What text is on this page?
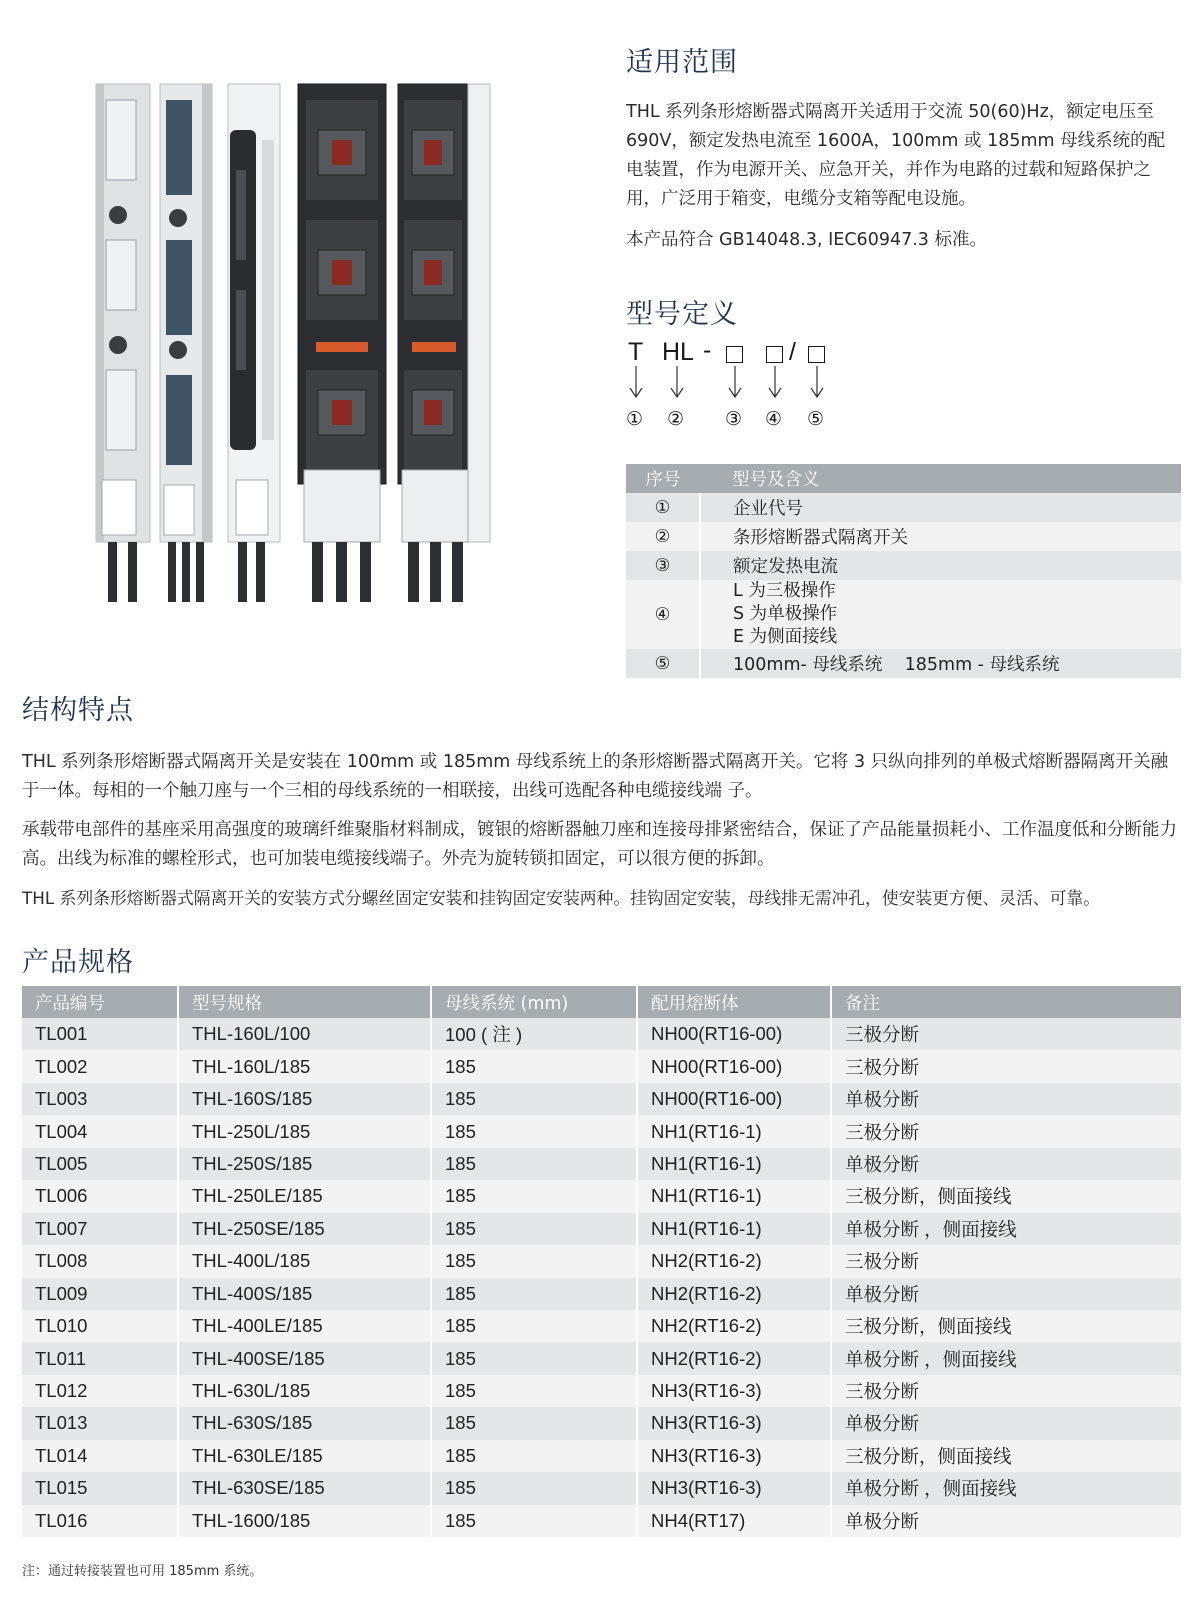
适用范围

THL 系列条形熔断器式隔离开关适用于交流 50(60)Hz，额定电压至 690V，额定发热电流至 1600A，100mm 或 185mm 母线系统的配电装置，作为电源开关、应急开关，并作为电路的过载和短路保护之用，广泛用于箱变，电缆分支箱等配电设施。

本产品符合 GB14048.3, IEC60947.3 标准。

型号定义
T HL -	/
① ② ③ ④ ⑤
序号	型号及含义
①	企业代号
②	条形熔断器式隔离开关
③	额定发热电流
④	L 为三极操作
S 为单极操作
E 为侧面接线

⑤	100mm- 母线系统    185mm - 母线系统
结构特点

THL 系列条形熔断器式隔离开关是安装在 100mm 或 185mm 母线系统上的条形熔断器式隔离开关。它将 3 只纵向排列的单极式熔断器隔离开关融于一体。每相的一个触刀座与一个三相的母线系统的一相联接，出线可选配各种电缆接线端 子。

承载带电部件的基座采用高强度的玻璃纤维聚脂材料制成，镀银的熔断器触刀座和连接母排紧密结合，保证了产品能量损耗小、工作温度低和分断能力高。出线为标准的螺栓形式，也可加装电缆接线端子。外壳为旋转锁扣固定，可以很方便的拆卸。

THL 系列条形熔断器式隔离开关的安装方式分螺丝固定安装和挂钩固定安装两种。挂钩固定安装，母线排无需冲孔，使安装更方便、灵活、可靠。

产品规格
产品编号	型号规格	母线系统 (mm)	配用熔断体	备注
TL001	THL-160L/100	100 ( 注 )	NH00(RT16-00)	三极分断
TL002	THL-160L/185	185	NH00(RT16-00)	三极分断
TL003	THL-160S/185	185	NH00(RT16-00)	单极分断
TL004	THL-250L/185	185	NH1(RT16-1)	三极分断
TL005	THL-250S/185	185	NH1(RT16-1)	单极分断
TL006	THL-250LE/185	185	NH1(RT16-1)	三极分断，侧面接线
TL007	THL-250SE/185	185	NH1(RT16-1)	单极分断 ，侧面接线
TL008	THL-400L/185	185	NH2(RT16-2)	三极分断
TL009	THL-400S/185	185	NH2(RT16-2)	单极分断
TL010	THL-400LE/185	185	NH2(RT16-2)	三极分断，侧面接线
TL011	THL-400SE/185	185	NH2(RT16-2)	单极分断 ，侧面接线
TL012	THL-630L/185	185	NH3(RT16-3)	三极分断
TL013	THL-630S/185	185	NH3(RT16-3)	单极分断
TL014	THL-630LE/185	185	NH3(RT16-3)	三极分断，侧面接线
TL015	THL-630SE/185	185	NH3(RT16-3)	单极分断 ，侧面接线
TL016	THL-1600/185	185	NH4(RT17)	单极分断
注：通过转接装置也可用 185mm 系统。
